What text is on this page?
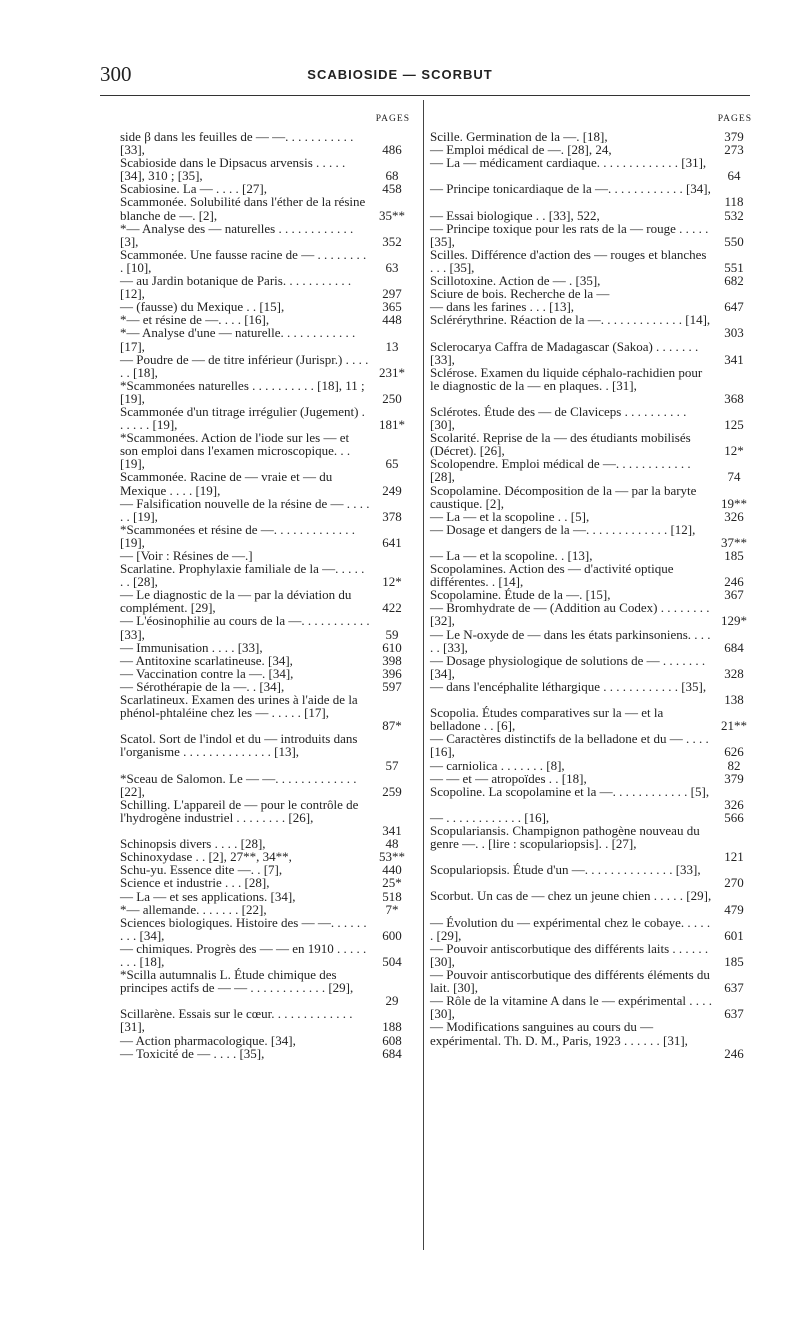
300	SCABIOSIDE — SCORBUT
PAGES
side β dans les feuilles de — —. . . . . . . . . . . [33],	486
Scabioside dans le Dipsacus arvensis . . . . . [34], 310 ; [35],	68
Scabiosine. La — . . . . [27],	458
Scammonée. Solubilité dans l'éther de la résine blanche de —. [2],	35**
*— Analyse des — naturelles . . . . . . . . . . . . [3],	352
Scammonée. Une fausse racine de — . . . . . . . . . [10],	63
— au Jardin botanique de Paris. . . . . . . . . . . [12],	297
— (fausse) du Mexique . . [15],	365
*— et résine de —. . . . [16],	448
*— Analyse d'une — naturelle. . . . . . . . . . . . [17],	13
— Poudre de — de titre inférieur (Jurispr.) . . . . . . [18],	231*
*Scammonées naturelles . . . . . . . . . . [18], 11 ; [19],	250
Scammonée d'un titrage irrégulier (Jugement) . . . . . . [19],	181*
*Scammonées. Action de l'iode sur les — et son emploi dans l'examen microscopique. . . [19],	65
Scammonée. Racine de — vraie et — du Mexique . . . . [19],	249
— Falsification nouvelle de la résine de — . . . . . . [19],	378
*Scammonées et résine de —. . . . . . . . . . . . . [19],	641
— [Voir : Résines de —.]
Scarlatine. Prophylaxie familiale de la —. . . . . . . [28],	12*
— Le diagnostic de la — par la déviation du complément. [29],	422
— L'éosinophilie au cours de la —. . . . . . . . . . . [33],	59
— Immunisation . . . . [33],	610
— Antitoxine scarlatineuse. [34],	398
— Vaccination contre la —. [34],	396
— Sérothérapie de la —. . [34],	597
Scarlatineux. Examen des urines à l'aide de la phénol-phtaléine chez les — . . . . . [17],
87*
Scatol. Sort de l'indol et du — introduits dans l'organisme . . . . . . . . . . . . . . [13],
57
*Sceau de Salomon. Le — —. . . . . . . . . . . . . [22],	259
Schilling. L'appareil de — pour le contrôle de l'hydrogène industriel . . . . . . . . [26],
341
Schinopsis divers . . . . [28],	48
Schinoxydase . . [2], 27**, 34**,	53**
Schu-yu. Essence dite —. . [7],	440
Science et industrie . . . [28],	25*
— La — et ses applications. [34],	518
*— allemande. . . . . . . [22],	7*
Sciences biologiques. Histoire des — —. . . . . . . . . [34],	600
— chimiques. Progrès des — — en 1910 . . . . . . . . [18],	504
*Scilla autumnalis L. Étude chimique des principes actifs de — — . . . . . . . . . . . . [29],
29
Scillarène. Essais sur le cœur. . . . . . . . . . . . . [31],	188
— Action pharmacologique. [34],	608
— Toxicité de — . . . . [35],	684
PAGES
Scille. Germination de la —. [18],	379
— Emploi médical de —. [28], 24,	273
— La — médicament cardiaque. . . . . . . . . . . . . [31],
64
— Principe tonicardiaque de la —. . . . . . . . . . . . [34],
118
— Essai biologique . . [33], 522,	532
— Principe toxique pour les rats de la — rouge . . . . . [35],	550
Scilles. Différence d'action des — rouges et blanches . . . [35],	551
Scillotoxine. Action de — . [35],	682
Sciure de bois. Recherche de la —
— dans les farines . . . [13],	647
Sclérérythrine. Réaction de la —. . . . . . . . . . . . . [14],
303
Sclerocarya Caffra de Madagascar (Sakoa) . . . . . . . [33],	341
Sclérose. Examen du liquide céphalo-rachidien pour le diagnostic de la — en plaques. . [31],
368
Sclérotes. Étude des — de Claviceps . . . . . . . . . . [30],	125
Scolarité. Reprise de la — des étudiants mobilisés (Décret). [26],	12*
Scolopendre. Emploi médical de —. . . . . . . . . . . . [28],	74
Scopolamine. Décomposition de la — par la baryte caustique. [2],	19**
— La — et la scopoline . . [5],	326
— Dosage et dangers de la —. . . . . . . . . . . . . [12],
37**
— La — et la scopoline. . [13],	185
Scopolamines. Action des — d'activité optique différentes. . [14],	246
Scopolamine. Étude de la —. [15],	367
— Bromhydrate de — (Addition au Codex) . . . . . . . . [32],	129*
— Le N-oxyde de — dans les états parkinsoniens. . . . . . [33],	684
— Dosage physiologique de solutions de — . . . . . . . [34],	328
— dans l'encéphalite léthargique . . . . . . . . . . . . [35],
138
Scopolia. Études comparatives sur la — et la belladone . . [6],	21**
— Caractères distinctifs de la belladone et du — . . . . [16],	626
— carniolica . . . . . . . [8],	82
— — et — atropoïdes . . [18],	379
Scopoline. La scopolamine et la —. . . . . . . . . . . . [5],
326
— . . . . . . . . . . . . [16],	566
Scopulariansis. Champignon pathogène nouveau du genre —. . [lire : scopulariopsis]. . [27],
121
Scopulariopsis. Étude d'un —. . . . . . . . . . . . . . [33],
270
Scorbut. Un cas de — chez un jeune chien . . . . . [29],
479
— Évolution du — expérimental chez le cobaye. . . . . . [29],	601
— Pouvoir antiscorbutique des différents laits . . . . . . [30],	185
— Pouvoir antiscorbutique des différents éléments du lait. [30],	637
— Rôle de la vitamine A dans le — expérimental . . . . [30],	637
— Modifications sanguines au cours du — expérimental. Th. D. M., Paris, 1923 . . . . . . [31],
246
